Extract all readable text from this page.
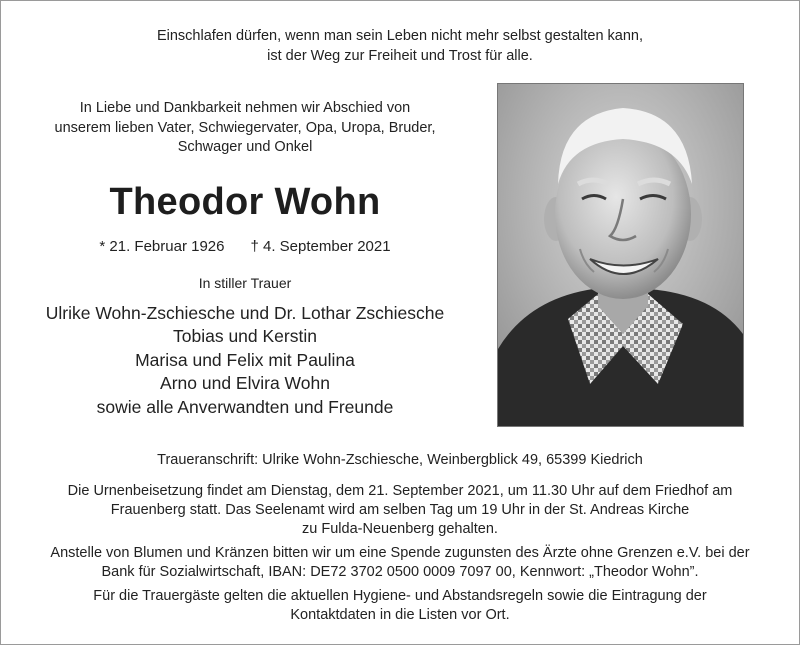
Einschlafen dürfen, wenn man sein Leben nicht mehr selbst gestalten kann,
ist der Weg zur Freiheit und Trost für alle.
In Liebe und Dankbarkeit nehmen wir Abschied von
unserem lieben Vater, Schwiegervater, Opa, Uropa, Bruder,
Schwager und Onkel
Theodor Wohn
* 21. Februar 1926 † 4. September 2021
In stiller Trauer
Ulrike Wohn-Zschiesche und Dr. Lothar Zschiesche
Tobias und Kerstin
Marisa und Felix mit Paulina
Arno und Elvira Wohn
sowie alle Anverwandten und Freunde

Traueranschrift: Ulrike Wohn-Zschiesche, Weinbergblick 49, 65399 Kiedrich

Die Urnenbeisetzung findet am Dienstag, dem 21. September 2021, um 11.30 Uhr auf dem Friedhof am
Frauenberg statt. Das Seelenamt wird am selben Tag um 19 Uhr in der St. Andreas Kirche
zu Fulda-Neuenberg gehalten.

Anstelle von Blumen und Kränzen bitten wir um eine Spende zugunsten des Ärzte ohne Grenzen e.V. bei der
Bank für Sozialwirtschaft, IBAN: DE72 3702 0500 0009 7097 00, Kennwort: „Theodor Wohn”.

Für die Trauergäste gelten die aktuellen Hygiene- und Abstandsregeln sowie die Eintragung der
Kontaktdaten in die Listen vor Ort.
